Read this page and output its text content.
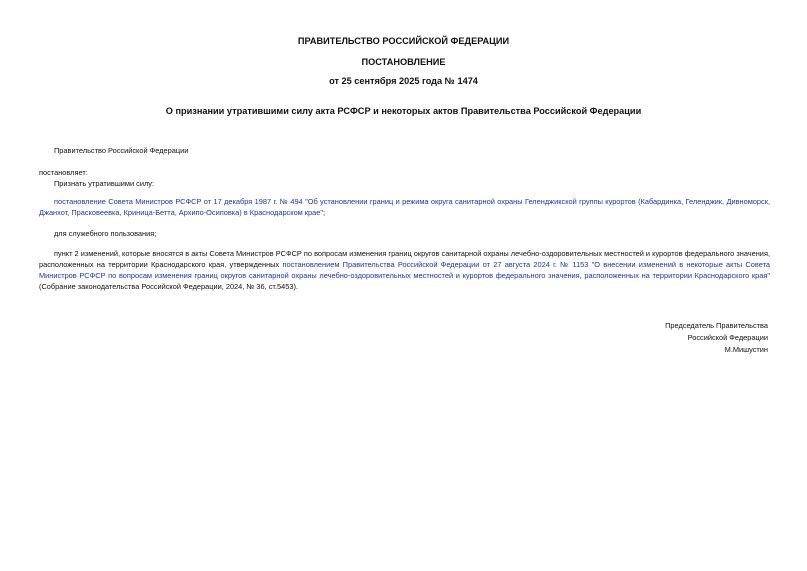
ПРАВИТЕЛЬСТВО РОССИЙСКОЙ ФЕДЕРАЦИИ
ПОСТАНОВЛЕНИЕ
от 25 сентября 2025 года № 1474
О признании утратившими силу акта РСФСР и некоторых актов Правительства Российской Федерации
Правительство Российской Федерации
постановляет:
Признать утратившими силу:
постановление Совета Министров РСФСР от 17 декабря 1987 г. № 494 "Об установлении границ и режима округа санитарной охраны Геленджикской группы курортов (Кабардинка, Геленджик, Дивноморск, Джанхот, Прасковеевка, Криница-Бетта, Архипо-Осиповка) в Краснодарском крае";
для служебного пользования;
пункт 2 изменений, которые вносятся в акты Совета Министров РСФСР по вопросам изменения границ округов санитарной охраны лечебно-оздоровительных местностей и курортов федерального значения, расположенных на территории Краснодарского края, утвержденных постановлением Правительства Российской Федерации от 27 августа 2024 г. № 1153 "О внесении изменений в некоторые акты Совета Министров РСФСР по вопросам изменения границ округов санитарной охраны лечебно-оздоровительных местностей и курортов федерального значения, расположенных на территории Краснодарского края" (Собрание законодательства Российской Федерации, 2024, № 36, ст.5453).
Председатель Правительства
Российской Федерации
М.Мишустин
